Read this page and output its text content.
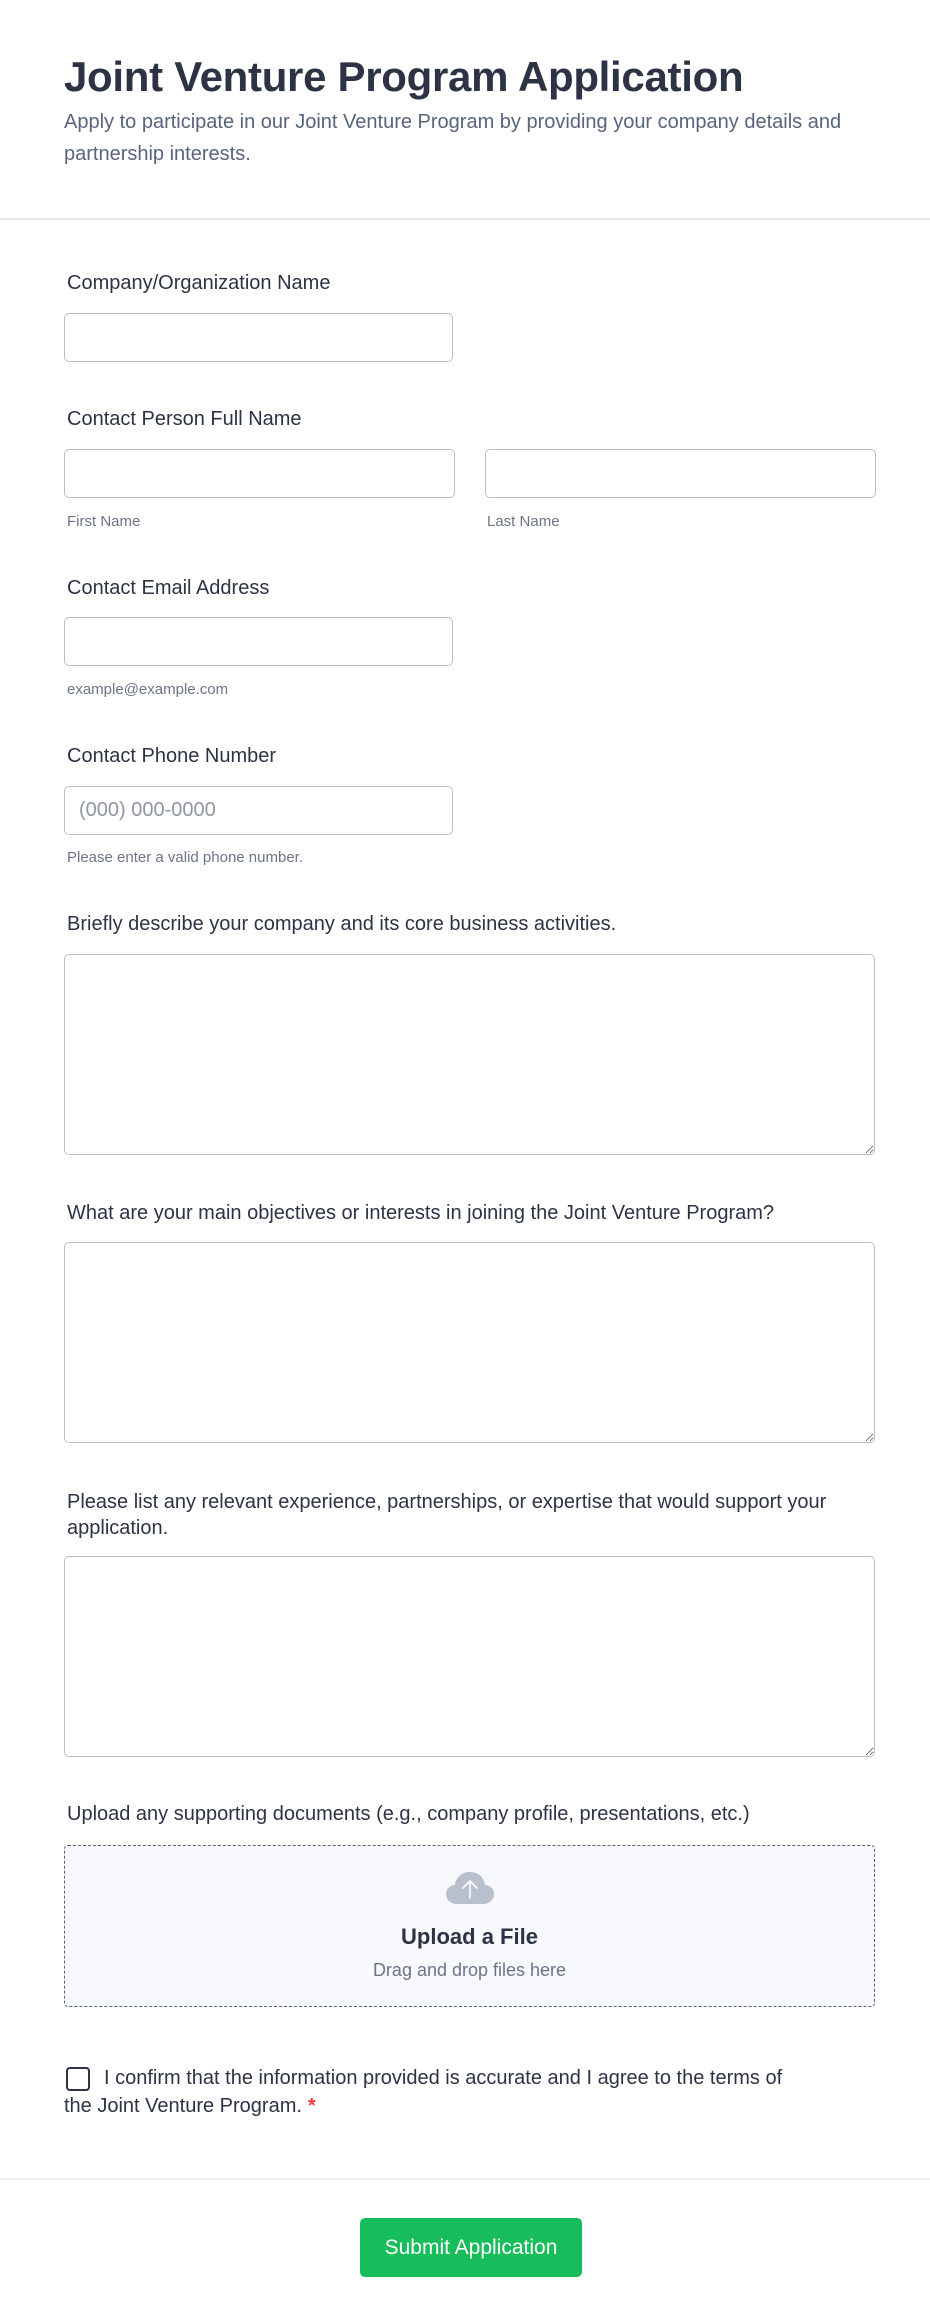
Joint Venture Program Application

Apply to participate in our Joint Venture Program by providing your company details and partnership interests.

Company/Organization Name
Contact Person Full Name
First Name	Last Name
Contact Email Address
example@example.com
Contact Phone Number
(000) 000-0000
Please enter a valid phone number.
Briefly describe your company and its core business activities.
What are your main objectives or interests in joining the Joint Venture Program?
Please list any relevant experience, partnerships, or expertise that would support your application.
Upload any supporting documents (e.g., company profile, presentations, etc.)
Upload a File
Drag and drop files here

I confirm that the information provided is accurate and I agree to the terms of the Joint Venture Program. *

Submit Application
